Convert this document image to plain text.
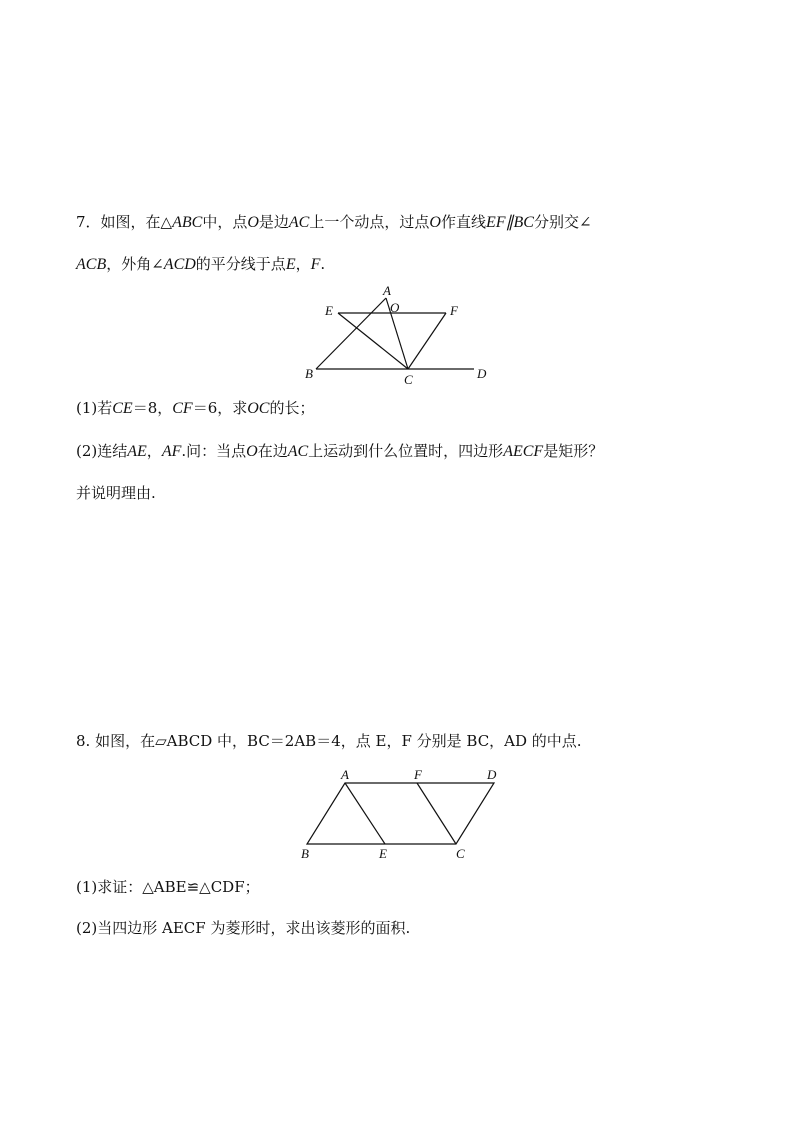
7．如图，在△ABC中，点O是边AC上一个动点，过点O作直线EF∥BC分别交∠
ACB，外角∠ACD的平分线于点E，F.
A
O
E	F
B	C	D
(1)若CE＝8，CF＝6，求OC的长；
(2)连结AE，AF.问：当点O在边AC上运动到什么位置时，四边形AECF是矩形？
并说明理由.
8. 如图，在▱ABCD 中，BC＝2AB＝4，点 E，F 分别是 BC，AD 的中点.
A	F	D
B	E	C
(1)求证：△ABE≌△CDF；
(2)当四边形 AECF 为菱形时，求出该菱形的面积.
